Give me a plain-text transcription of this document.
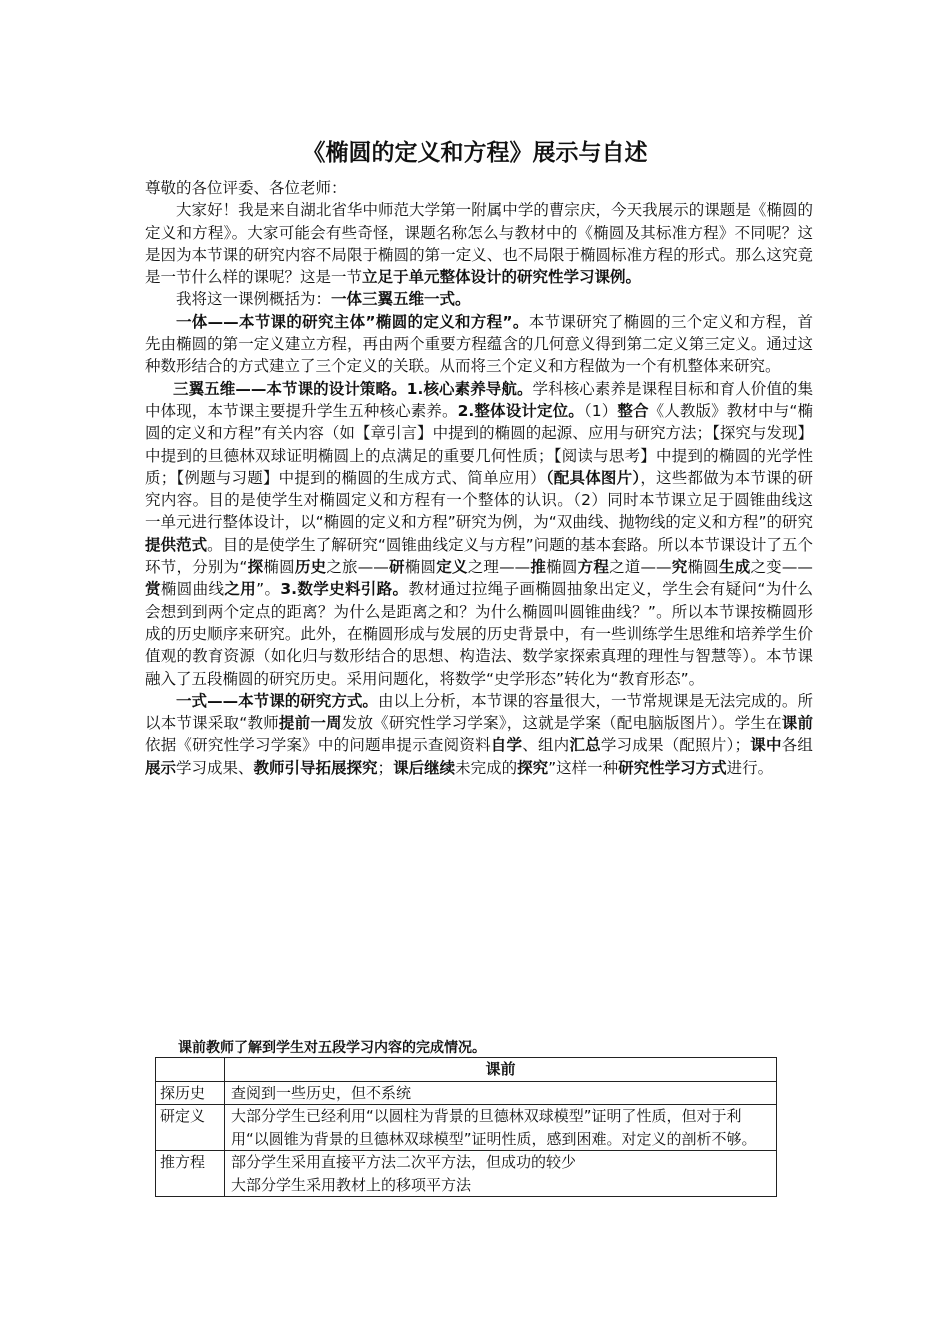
《椭圆的定义和方程》展示与自述

尊敬的各位评委、各位老师：

大家好！我是来自湖北省华中师范大学第一附属中学的曹宗庆，今天我展示的课题是《椭圆的定义和方程》。大家可能会有些奇怪，课题名称怎么与教材中的《椭圆及其标准方程》不同呢？这是因为本节课的研究内容不局限于椭圆的第一定义、也不局限于椭圆标准方程的形式。那么这究竟是一节什么样的课呢？这是一节立足于单元整体设计的研究性学习课例。

我将这一课例概括为：一体三翼五维一式。

一体——本节课的研究主体”椭圆的定义和方程”。本节课研究了椭圆的三个定义和方程，首先由椭圆的第一定义建立方程，再由两个重要方程蕴含的几何意义得到第二定义第三定义。通过这种数形结合的方式建立了三个定义的关联。从而将三个定义和方程做为一个有机整体来研究。

三翼五维——本节课的设计策略。1.核心素养导航。学科核心素养是课程目标和育人价值的集中体现，本节课主要提升学生五种核心素养。2.整体设计定位。（1）整合《人教版》教材中与“椭圆的定义和方程”有关内容（如【章引言】中提到的椭圆的起源、应用与研究方法；【探究与发现】中提到的旦德林双球证明椭圆上的点满足的重要几何性质；【阅读与思考】中提到的椭圆的光学性质；【例题与习题】中提到的椭圆的生成方式、简单应用）（配具体图片），这些都做为本节课的研究内容。目的是使学生对椭圆定义和方程有一个整体的认识。（2）同时本节课立足于圆锥曲线这一单元进行整体设计，以“椭圆的定义和方程”研究为例，为“双曲线、抛物线的定义和方程”的研究提供范式。目的是使学生了解研究“圆锥曲线定义与方程”问题的基本套路。所以本节课设计了五个环节，分别为“探椭圆历史之旅——研椭圆定义之理——推椭圆方程之道——究椭圆生成之变——赏椭圆曲线之用”。3.数学史料引路。教材通过拉绳子画椭圆抽象出定义，学生会有疑问“为什么会想到到两个定点的距离？为什么是距离之和？为什么椭圆叫圆锥曲线？”。所以本节课按椭圆形成的历史顺序来研究。此外，在椭圆形成与发展的历史背景中，有一些训练学生思维和培养学生价值观的教育资源（如化归与数形结合的思想、构造法、数学家探索真理的理性与智慧等）。本节课融入了五段椭圆的研究历史。采用问题化，将数学“史学形态”转化为“教育形态”。

一式——本节课的研究方式。由以上分析，本节课的容量很大，一节常规课是无法完成的。所以本节课采取“教师提前一周发放《研究性学习学案》，这就是学案（配电脑版图片）。学生在课前依据《研究性学习学案》中的问题串提示查阅资料自学、组内汇总学习成果（配照片）；课中各组展示学习成果、教师引导拓展探究；课后继续未完成的探究”这样一种研究性学习方式进行。

课前教师了解到学生对五段学习内容的完成情况。
	课前
探历史	查阅到一些历史，但不系统

研定义	大部分学生已经利用“以圆柱为背景的旦德林双球模型”证明了性质，但对于利用“以圆锥为背景的旦德林双球模型”证明性质，感到困难。对定义的剖析不够。

推方程	部分学生采用直接平方法二次平方法，但成功的较少
大部分学生采用教材上的移项平方法
